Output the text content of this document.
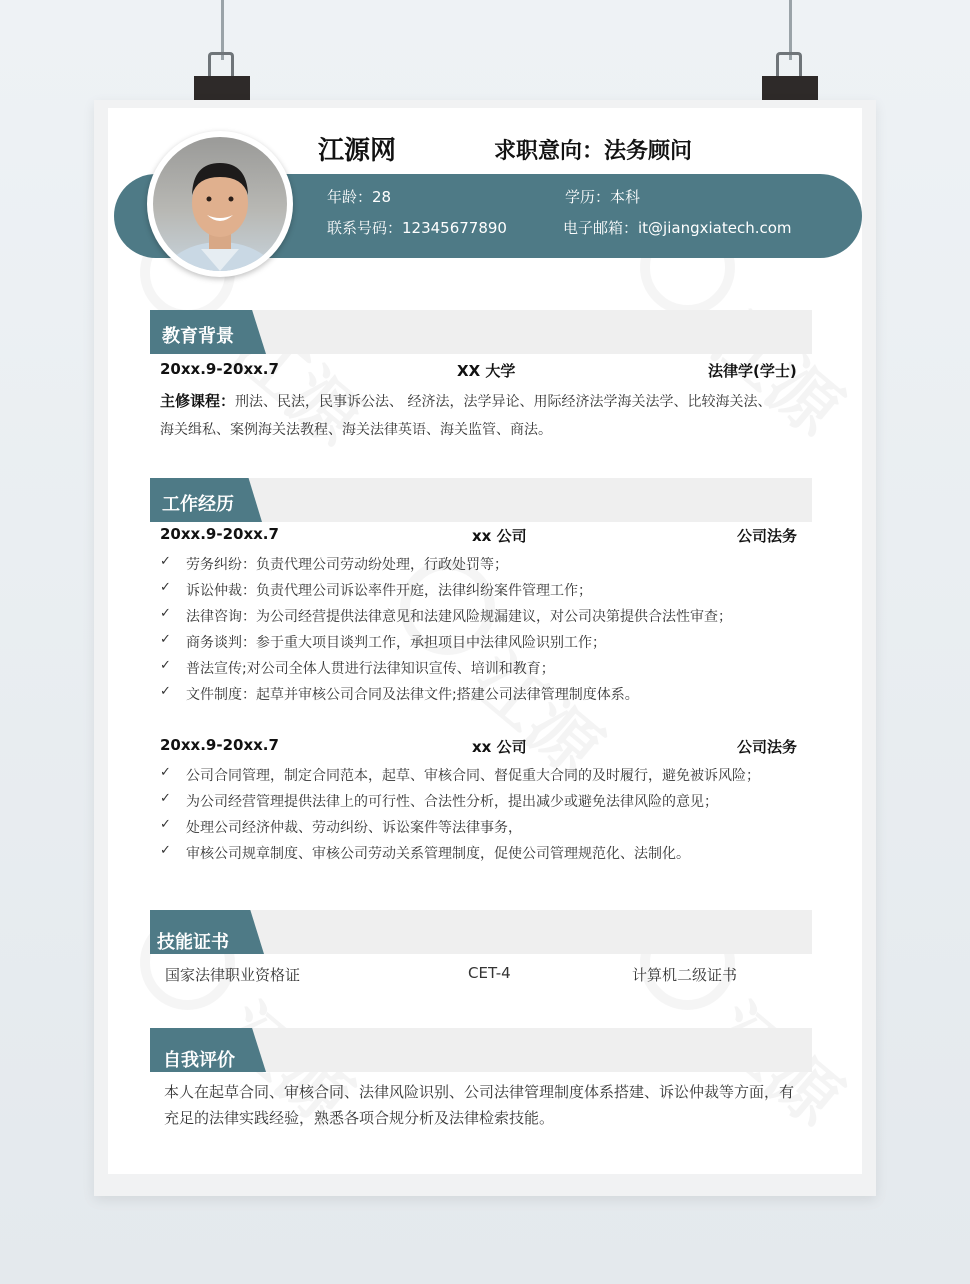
江源网	求职意向：法务顾问
年龄：28	学历：本科
联系号码：12345677890	电子邮箱：it@jiangxiatech.com
教育背景
20xx.9-20xx.7	XX 大学	法律学(学士)
主修课程：刑法、民法，民事诉公法、 经济法，法学异论、用际经济法学海关法学、比较海关法、
海关缉私、案例海关法教程、海关法律英语、海关监管、商法。
工作经历
20xx.9-20xx.7	xx 公司	公司法务
✓ 劳务纠纷：负责代理公司劳动纷处理，行政处罚等；
✓ 诉讼仲裁：负责代理公司诉讼率件开庭，法律纠纷案件管理工作；
✓ 法律咨询：为公司经营提供法律意见和法建风险规漏建议，对公司决第提供合法性审查；
✓ 商务谈判：参于重大项目谈判工作，承担项目中法律风险识别工作；
✓ 普法宣传;对公司全体人贯进行法律知识宣传、培训和教育；
✓ 文件制度：起草并审核公司合同及法律文件;搭建公司法律管理制度体系。
20xx.9-20xx.7	xx 公司	公司法务
✓ 公司合同管理，制定合同范本，起草、审核合同、督促重大合同的及时履行，避免被诉风险；
✓ 为公司经营管理提供法律上的可行性、合法性分析，提出减少或避免法律风险的意见；
✓ 处理公司经济仲裁、劳动纠纷、诉讼案件等法律事务，
✓ 审核公司规章制度、审核公司劳动关系管理制度，促使公司管理规范化、法制化。
技能证书
国家法律职业资格证	CET-4	计算机二级证书
自我评价
本人在起草合同、审核合同、法律风险识别、公司法律管理制度体系搭建、诉讼仲裁等方面，有
充足的法律实践经验，熟悉各项合规分析及法律检索技能。
